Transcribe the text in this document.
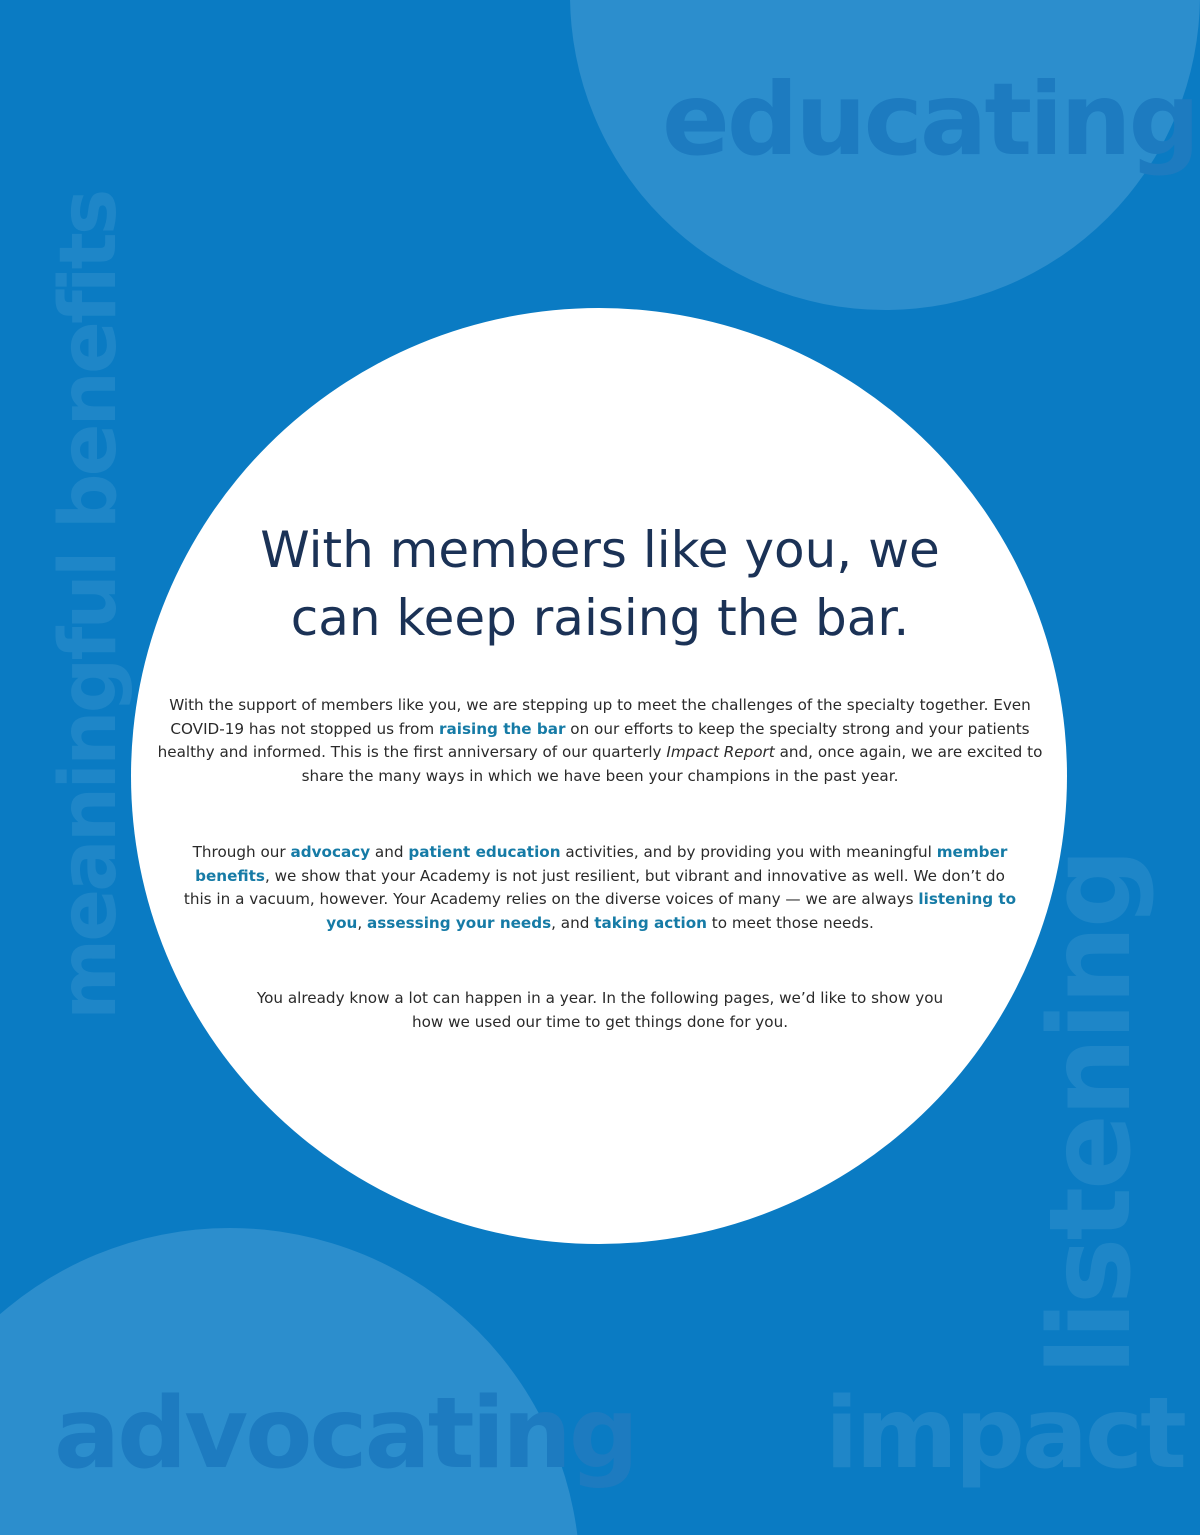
educating
advocating impact
meaningful benefits
listening
With members like you, we
can keep raising the bar.

With the support of members like you, we are stepping up to meet the challenges of the specialty together. Even COVID-19 has not stopped us from raising the bar on our efforts to keep the specialty strong and your patients healthy and informed. This is the first anniversary of our quarterly Impact Report and, once again, we are excited to share the many ways in which we have been your champions in the past year.

Through our advocacy and patient education activities, and by providing you with meaningful member benefits, we show that your Academy is not just resilient, but vibrant and innovative as well. We don’t do this in a vacuum, however. Your Academy relies on the diverse voices of many — we are always listening to you, assessing your needs, and taking action to meet those needs.

You already know a lot can happen in a year. In the following pages, we’d like to show you how we used our time to get things done for you.
